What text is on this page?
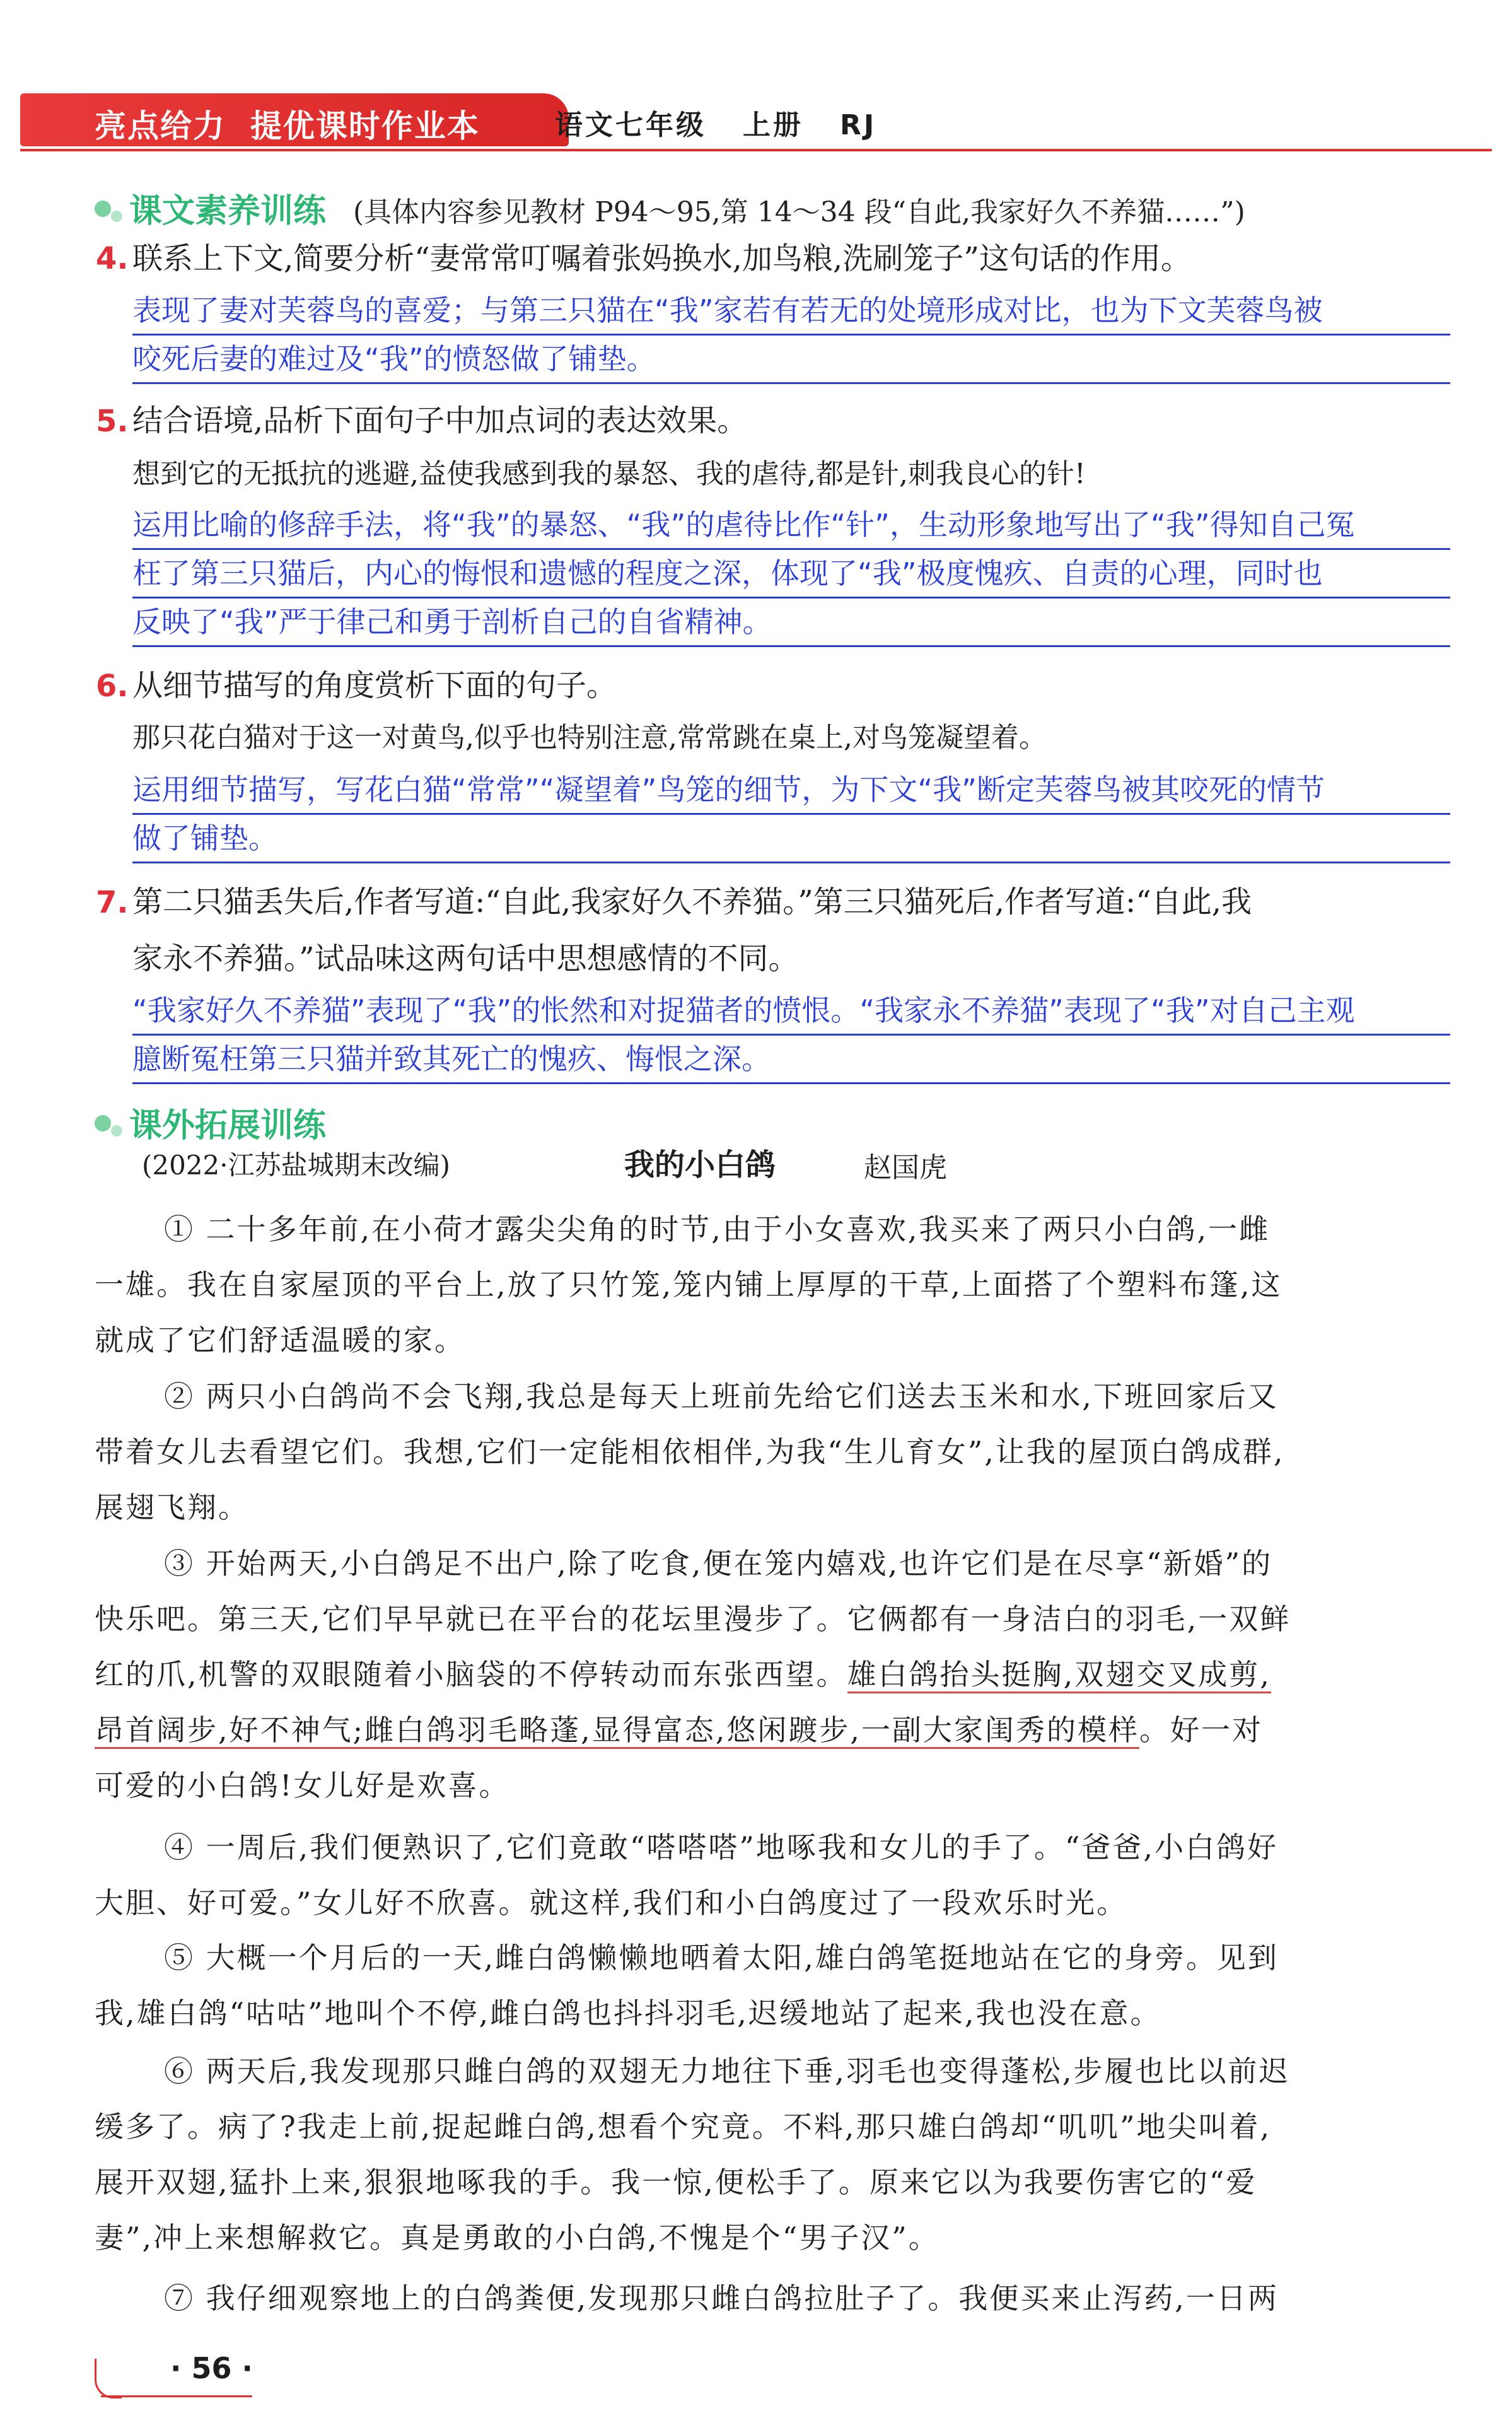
亮点给力 提优课时作业本	语文七年级 上册 RJ
课文素养训练 (具体内容参见教材 P94～95,第 14～34 段“自此,我家好久不养猫……”)
4. 联系上下文,简要分析“妻常常叮嘱着张妈换水,加鸟粮,洗刷笼子”这句话的作用。
表现了妻对芙蓉鸟的喜爱；与第三只猫在“我”家若有若无的处境形成对比，也为下文芙蓉鸟被
咬死后妻的难过及“我”的愤怒做了铺垫。
5. 结合语境,品析下面句子中加点词的表达效果。
想到它的无抵抗的逃避,益使我感到我的暴怒、我的虐待,都是针,刺我良心的针!
运用比喻的修辞手法，将“我”的暴怒、“我”的虐待比作“针”，生动形象地写出了“我”得知自己冤
枉了第三只猫后，内心的悔恨和遗憾的程度之深，体现了“我”极度愧疚、自责的心理，同时也
反映了“我”严于律己和勇于剖析自己的自省精神。
6. 从细节描写的角度赏析下面的句子。
那只花白猫对于这一对黄鸟,似乎也特别注意,常常跳在桌上,对鸟笼凝望着。
运用细节描写，写花白猫“常常”“凝望着”鸟笼的细节，为下文“我”断定芙蓉鸟被其咬死的情节
做了铺垫。
7. 第二只猫丢失后,作者写道:“自此,我家好久不养猫。”第三只猫死后,作者写道:“自此,我
家永不养猫。”试品味这两句话中思想感情的不同。
“我家好久不养猫”表现了“我”的怅然和对捉猫者的愤恨。“我家永不养猫”表现了“我”对自己主观
臆断冤枉第三只猫并致其死亡的愧疚、悔恨之深。
课外拓展训练
(2022·江苏盐城期末改编)	我的小白鸽	赵国虎
① 二十多年前,在小荷才露尖尖角的时节,由于小女喜欢,我买来了两只小白鸽,一雌
一雄。我在自家屋顶的平台上,放了只竹笼,笼内铺上厚厚的干草,上面搭了个塑料布篷,这
就成了它们舒适温暖的家。
② 两只小白鸽尚不会飞翔,我总是每天上班前先给它们送去玉米和水,下班回家后又
带着女儿去看望它们。我想,它们一定能相依相伴,为我“生儿育女”,让我的屋顶白鸽成群,
展翅飞翔。
③ 开始两天,小白鸽足不出户,除了吃食,便在笼内嬉戏,也许它们是在尽享“新婚”的
快乐吧。第三天,它们早早就已在平台的花坛里漫步了。它俩都有一身洁白的羽毛,一双鲜
红的爪,机警的双眼随着小脑袋的不停转动而东张西望。雄白鸽抬头挺胸,双翅交叉成剪,
昂首阔步,好不神气;雌白鸽羽毛略蓬,显得富态,悠闲踱步,一副大家闺秀的模样。好一对
可爱的小白鸽!女儿好是欢喜。
④ 一周后,我们便熟识了,它们竟敢“嗒嗒嗒”地啄我和女儿的手了。“爸爸,小白鸽好
大胆、好可爱。”女儿好不欣喜。就这样,我们和小白鸽度过了一段欢乐时光。
⑤ 大概一个月后的一天,雌白鸽懒懒地晒着太阳,雄白鸽笔挺地站在它的身旁。见到
我,雄白鸽“咕咕”地叫个不停,雌白鸽也抖抖羽毛,迟缓地站了起来,我也没在意。
⑥ 两天后,我发现那只雌白鸽的双翅无力地往下垂,羽毛也变得蓬松,步履也比以前迟
缓多了。病了?我走上前,捉起雌白鸽,想看个究竟。不料,那只雄白鸽却“叽叽”地尖叫着,
展开双翅,猛扑上来,狠狠地啄我的手。我一惊,便松手了。原来它以为我要伤害它的“爱
妻”,冲上来想解救它。真是勇敢的小白鸽,不愧是个“男子汉”。
⑦ 我仔细观察地上的白鸽粪便,发现那只雌白鸽拉肚子了。我便买来止泻药,一日两
· 56 ·
